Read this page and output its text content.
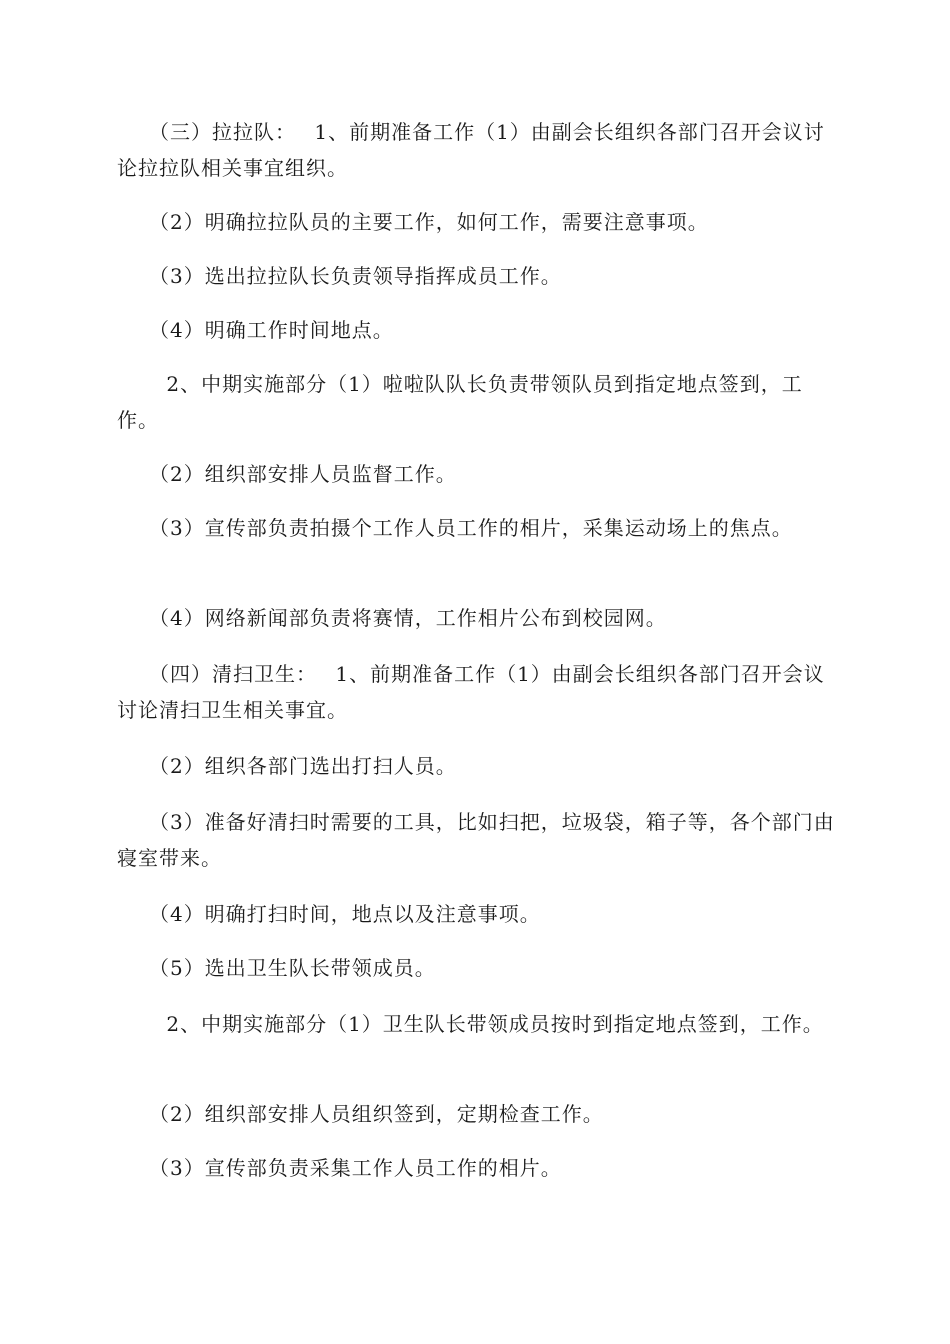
　　（三）拉拉队：　 1、前期准备工作（1）由副会长组织各部门召开会议讨论拉拉队相关事宜组织。

　　（2）明确拉拉队员的主要工作，如何工作，需要注意事项。

　　（3）选出拉拉队长负责领导指挥成员工作。

　　（4）明确工作时间地点。

　　 2、中期实施部分（1）啦啦队队长负责带领队员到指定地点签到，工作。

　　（2）组织部安排人员监督工作。

　　（3）宣传部负责拍摄个工作人员工作的相片，采集运动场上的焦点。

　　（4）网络新闻部负责将赛情，工作相片公布到校园网。

　　（四）清扫卫生：　 1、前期准备工作（1）由副会长组织各部门召开会议讨论清扫卫生相关事宜。

　　（2）组织各部门选出打扫人员。

　　（3）准备好清扫时需要的工具，比如扫把，垃圾袋，箱子等，各个部门由寝室带来。

　　（4）明确打扫时间，地点以及注意事项。

　　（5）选出卫生队长带领成员。

　　 2、中期实施部分（1）卫生队长带领成员按时到指定地点签到，工作。

　　（2）组织部安排人员组织签到，定期检查工作。

　　（3）宣传部负责采集工作人员工作的相片。
